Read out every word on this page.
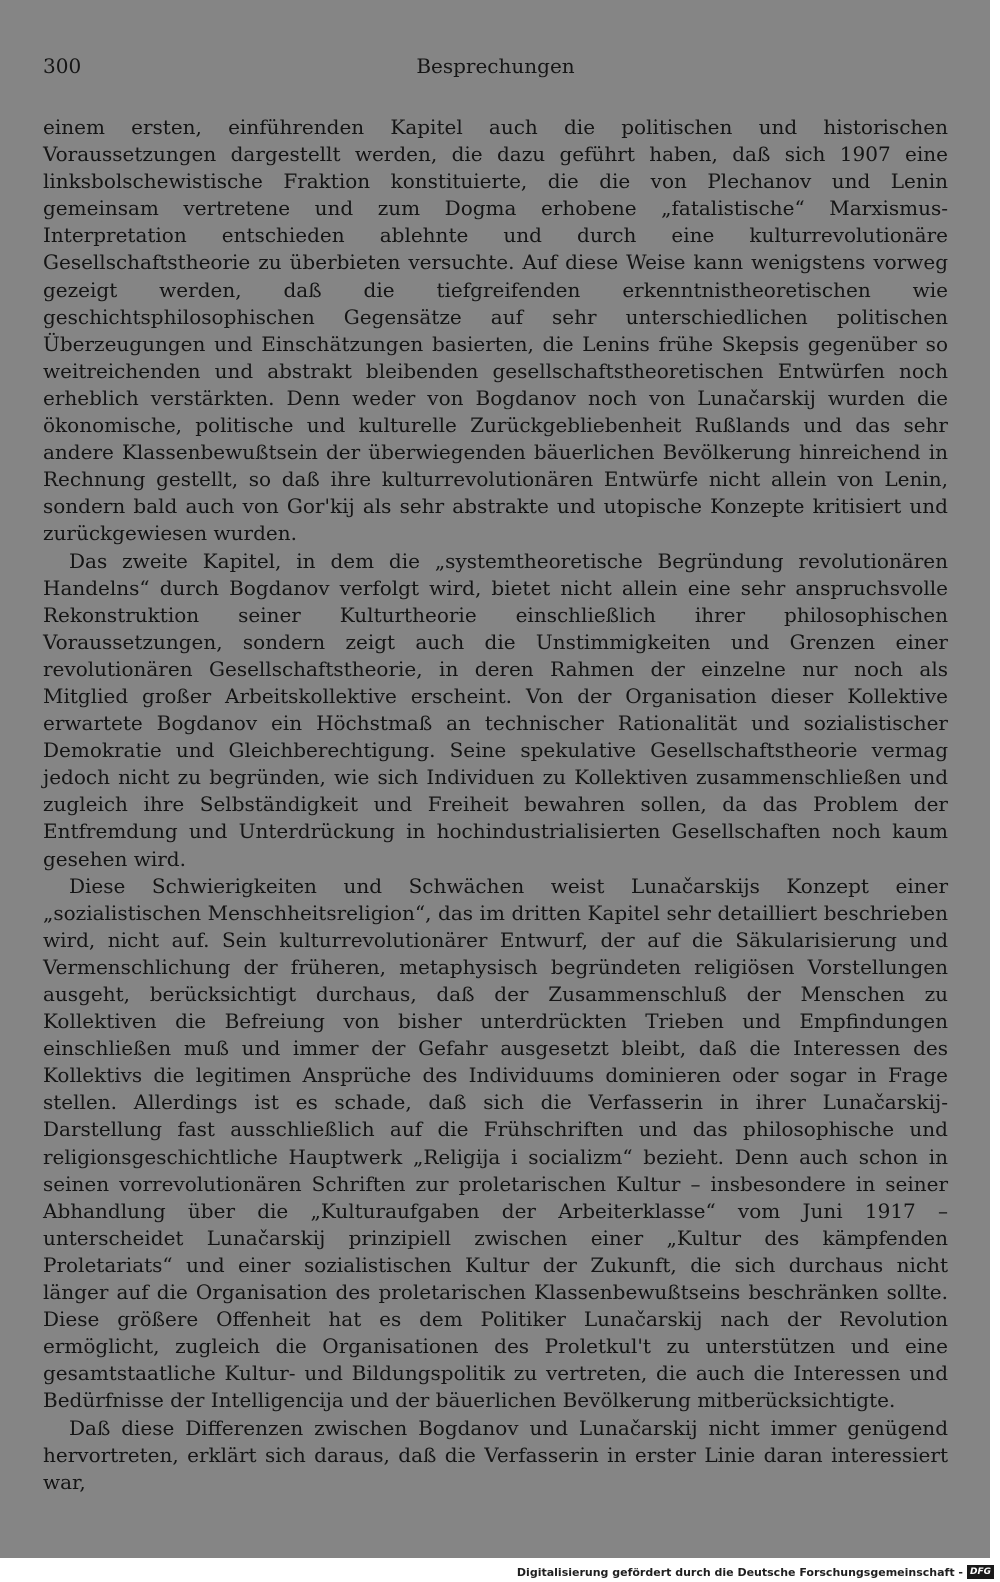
300	Besprechungen

einem ersten, einführenden Kapitel auch die politischen und historischen Voraussetzungen dargestellt werden, die dazu geführt haben, daß sich 1907 eine linksbolschewistische Fraktion konstituierte, die die von Plechanov und Lenin gemeinsam vertretene und zum Dogma erhobene „fatalistische“ Marxismus-Interpretation entschieden ablehnte und durch eine kulturrevolutionäre Gesellschaftstheorie zu überbieten versuchte. Auf diese Weise kann wenigstens vorweg gezeigt werden, daß die tiefgreifenden erkenntnistheoretischen wie geschichtsphilosophischen Gegensätze auf sehr unterschiedlichen politischen Überzeugungen und Einschätzungen basierten, die Lenins frühe Skepsis gegenüber so weitreichenden und abstrakt bleibenden gesellschaftstheoretischen Entwürfen noch erheblich verstärkten. Denn weder von Bogdanov noch von Lunačarskij wurden die ökonomische, politische und kulturelle Zurückgebliebenheit Rußlands und das sehr andere Klassenbewußtsein der überwiegenden bäuerlichen Bevölkerung hinreichend in Rechnung gestellt, so daß ihre kulturrevolutionären Entwürfe nicht allein von Lenin, sondern bald auch von Gor'kij als sehr abstrakte und utopische Konzepte kritisiert und zurückgewiesen wurden.

Das zweite Kapitel, in dem die „systemtheoretische Begründung revolutionären Handelns“ durch Bogdanov verfolgt wird, bietet nicht allein eine sehr anspruchsvolle Rekonstruktion seiner Kulturtheorie einschließlich ihrer philosophischen Voraussetzungen, sondern zeigt auch die Unstimmigkeiten und Grenzen einer revolutionären Gesellschaftstheorie, in deren Rahmen der einzelne nur noch als Mitglied großer Arbeitskollektive erscheint. Von der Organisation dieser Kollektive erwartete Bogdanov ein Höchstmaß an technischer Rationalität und sozialistischer Demokratie und Gleichberechtigung. Seine spekulative Gesellschaftstheorie vermag jedoch nicht zu begründen, wie sich Individuen zu Kollektiven zusammenschließen und zugleich ihre Selbständigkeit und Freiheit bewahren sollen, da das Problem der Entfremdung und Unterdrückung in hochindustrialisierten Gesellschaften noch kaum gesehen wird.

Diese Schwierigkeiten und Schwächen weist Lunačarskijs Konzept einer „sozialistischen Menschheitsreligion“, das im dritten Kapitel sehr detailliert beschrieben wird, nicht auf. Sein kulturrevolutionärer Entwurf, der auf die Säkularisierung und Vermenschlichung der früheren, metaphysisch begründeten religiösen Vorstellungen ausgeht, berücksichtigt durchaus, daß der Zusammenschluß der Menschen zu Kollektiven die Befreiung von bisher unterdrückten Trieben und Empfindungen einschließen muß und immer der Gefahr ausgesetzt bleibt, daß die Interessen des Kollektivs die legitimen Ansprüche des Individuums dominieren oder sogar in Frage stellen. Allerdings ist es schade, daß sich die Verfasserin in ihrer Lunačarskij-Darstellung fast ausschließlich auf die Frühschriften und das philosophische und religionsgeschichtliche Hauptwerk „Religija i socializm“ bezieht. Denn auch schon in seinen vorrevolutionären Schriften zur proletarischen Kultur – insbesondere in seiner Abhandlung über die „Kulturaufgaben der Arbeiterklasse“ vom Juni 1917 – unterscheidet Lunačarskij prinzipiell zwischen einer „Kultur des kämpfenden Proletariats“ und einer sozialistischen Kultur der Zukunft, die sich durchaus nicht länger auf die Organisation des proletarischen Klassenbewußtseins beschränken sollte. Diese größere Offenheit hat es dem Politiker Lunačarskij nach der Revolution ermöglicht, zugleich die Organisationen des Proletkul't zu unterstützen und eine gesamtstaatliche Kultur- und Bildungspolitik zu vertreten, die auch die Interessen und Bedürfnisse der Intelligencija und der bäuerlichen Bevölkerung mitberücksichtigte.

Daß diese Differenzen zwischen Bogdanov und Lunačarskij nicht immer genügend hervortreten, erklärt sich daraus, daß die Verfasserin in erster Linie daran interessiert war,

Digitalisierung gefördert durch die Deutsche Forschungsgemeinschaft - DFG
